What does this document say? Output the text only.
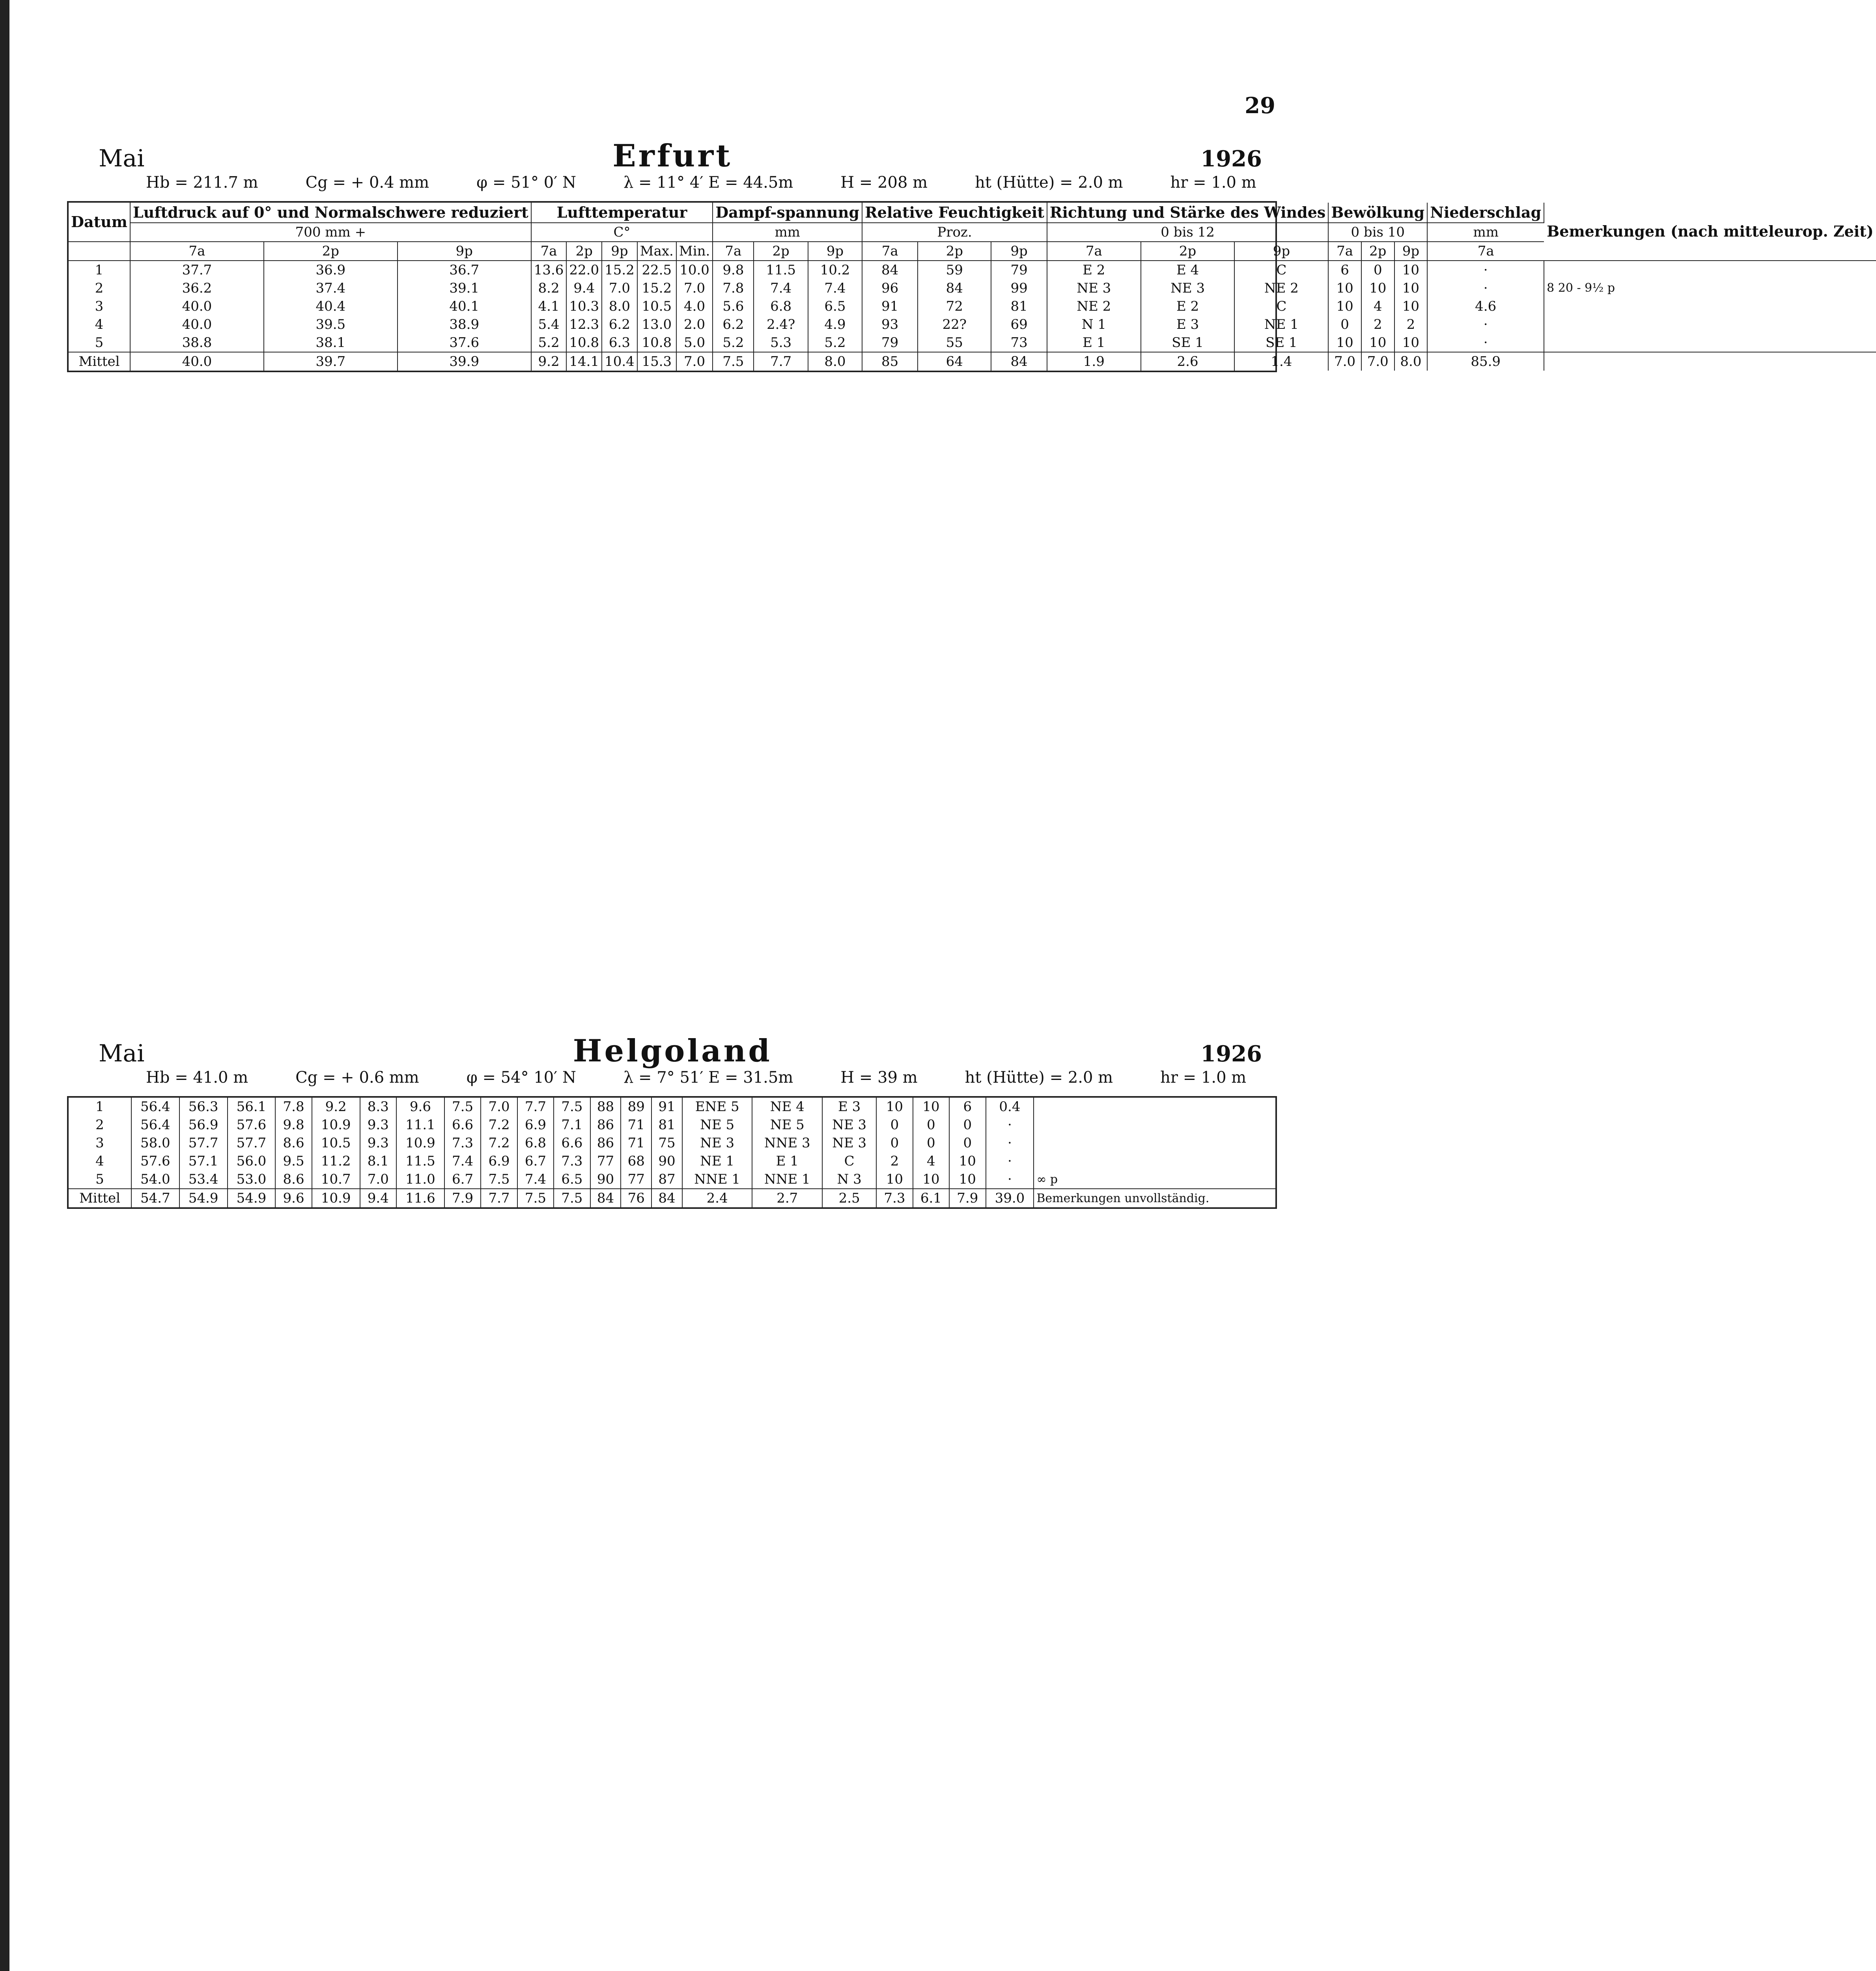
29
Mai	Erfurt	1926
Hb = 211.7 m	Cg = + 0.4 mm	φ = 51° 0′ N	λ = 11° 4′ E = 44.5m	H = 208 m	ht (Hütte) = 2.0 m	hr = 1.0 m
Datum	Luftdruck auf 0° und Normalschwere reduziert			Lufttemperatur					Dampf-spannung			Relative Feuchtigkeit			Richtung und Stärke des Windes			Bewölkung			Niederschlag	Bemerkungen (nach mitteleurop. Zeit)
	700 mm +			C°					mm			Proz.			0 bis 12			0 bis 10			mm	
	7a	2p	9p	7a	2p	9p	Max.	Min.	7a	2p	9p	7a	2p	9p	7a	2p	9p	7a	2p	9p	7a	
1	37.7	36.9	36.7	13.6	22.0	15.2	22.5	10.0	9.8	11.5	10.2	84	59	79	E 2	E 4	C	6	0	10	·	
2	36.2	37.4	39.1	8.2	9.4	7.0	15.2	7.0	7.8	7.4	7.4	96	84	99	NE 3	NE 3	NE 2	10	10	10	·	8 20 - 9½ p
3	40.0	40.4	40.1	4.1	10.3	8.0	10.5	4.0	5.6	6.8	6.5	91	72	81	NE 2	E 2	C	10	4	10	4.6	
4	40.0	39.5	38.9	5.4	12.3	6.2	13.0	2.0	6.2	2.4?	4.9	93	22?	69	N 1	E 3	NE 1	0	2	2	·	
5	38.8	38.1	37.6	5.2	10.8	6.3	10.8	5.0	5.2	5.3	5.2	79	55	73	E 1	SE 1	SE 1	10	10	10	·	
Mittel	40.0	39.7	39.9	9.2	14.1	10.4	15.3	7.0	7.5	7.7	8.0	85	64	84	1.9	2.6	1.4	7.0	7.0	8.0	85.9	
Mai	Helgoland	1926
Hb = 41.0 m	Cg = + 0.6 mm	φ = 54° 10′ N	λ = 7° 51′ E = 31.5m	H = 39 m	ht (Hütte) = 2.0 m	hr = 1.0 m
1	56.4	56.3	56.1	7.8	9.2	8.3	9.6	7.5	7.0	7.7	7.5	88	89	91	ENE 5	NE 4	E 3	10	10	6	0.4	
2	56.4	56.9	57.6	9.8	10.9	9.3	11.1	6.6	7.2	6.9	7.1	86	71	81	NE 5	NE 5	NE 3	0	0	0	·	
3	58.0	57.7	57.7	8.6	10.5	9.3	10.9	7.3	7.2	6.8	6.6	86	71	75	NE 3	NNE 3	NE 3	0	0	0	·	
4	57.6	57.1	56.0	9.5	11.2	8.1	11.5	7.4	6.9	6.7	7.3	77	68	90	NE 1	E 1	C	2	4	10	·	
5	54.0	53.4	53.0	8.6	10.7	7.0	11.0	6.7	7.5	7.4	6.5	90	77	87	NNE 1	NNE 1	N 3	10	10	10	·	∞ p
Mittel	54.7	54.9	54.9	9.6	10.9	9.4	11.6	7.9	7.7	7.5	7.5	84	76	84	2.4	2.7	2.5	7.3	6.1	7.9	39.0	Bemerkungen unvollständig.
